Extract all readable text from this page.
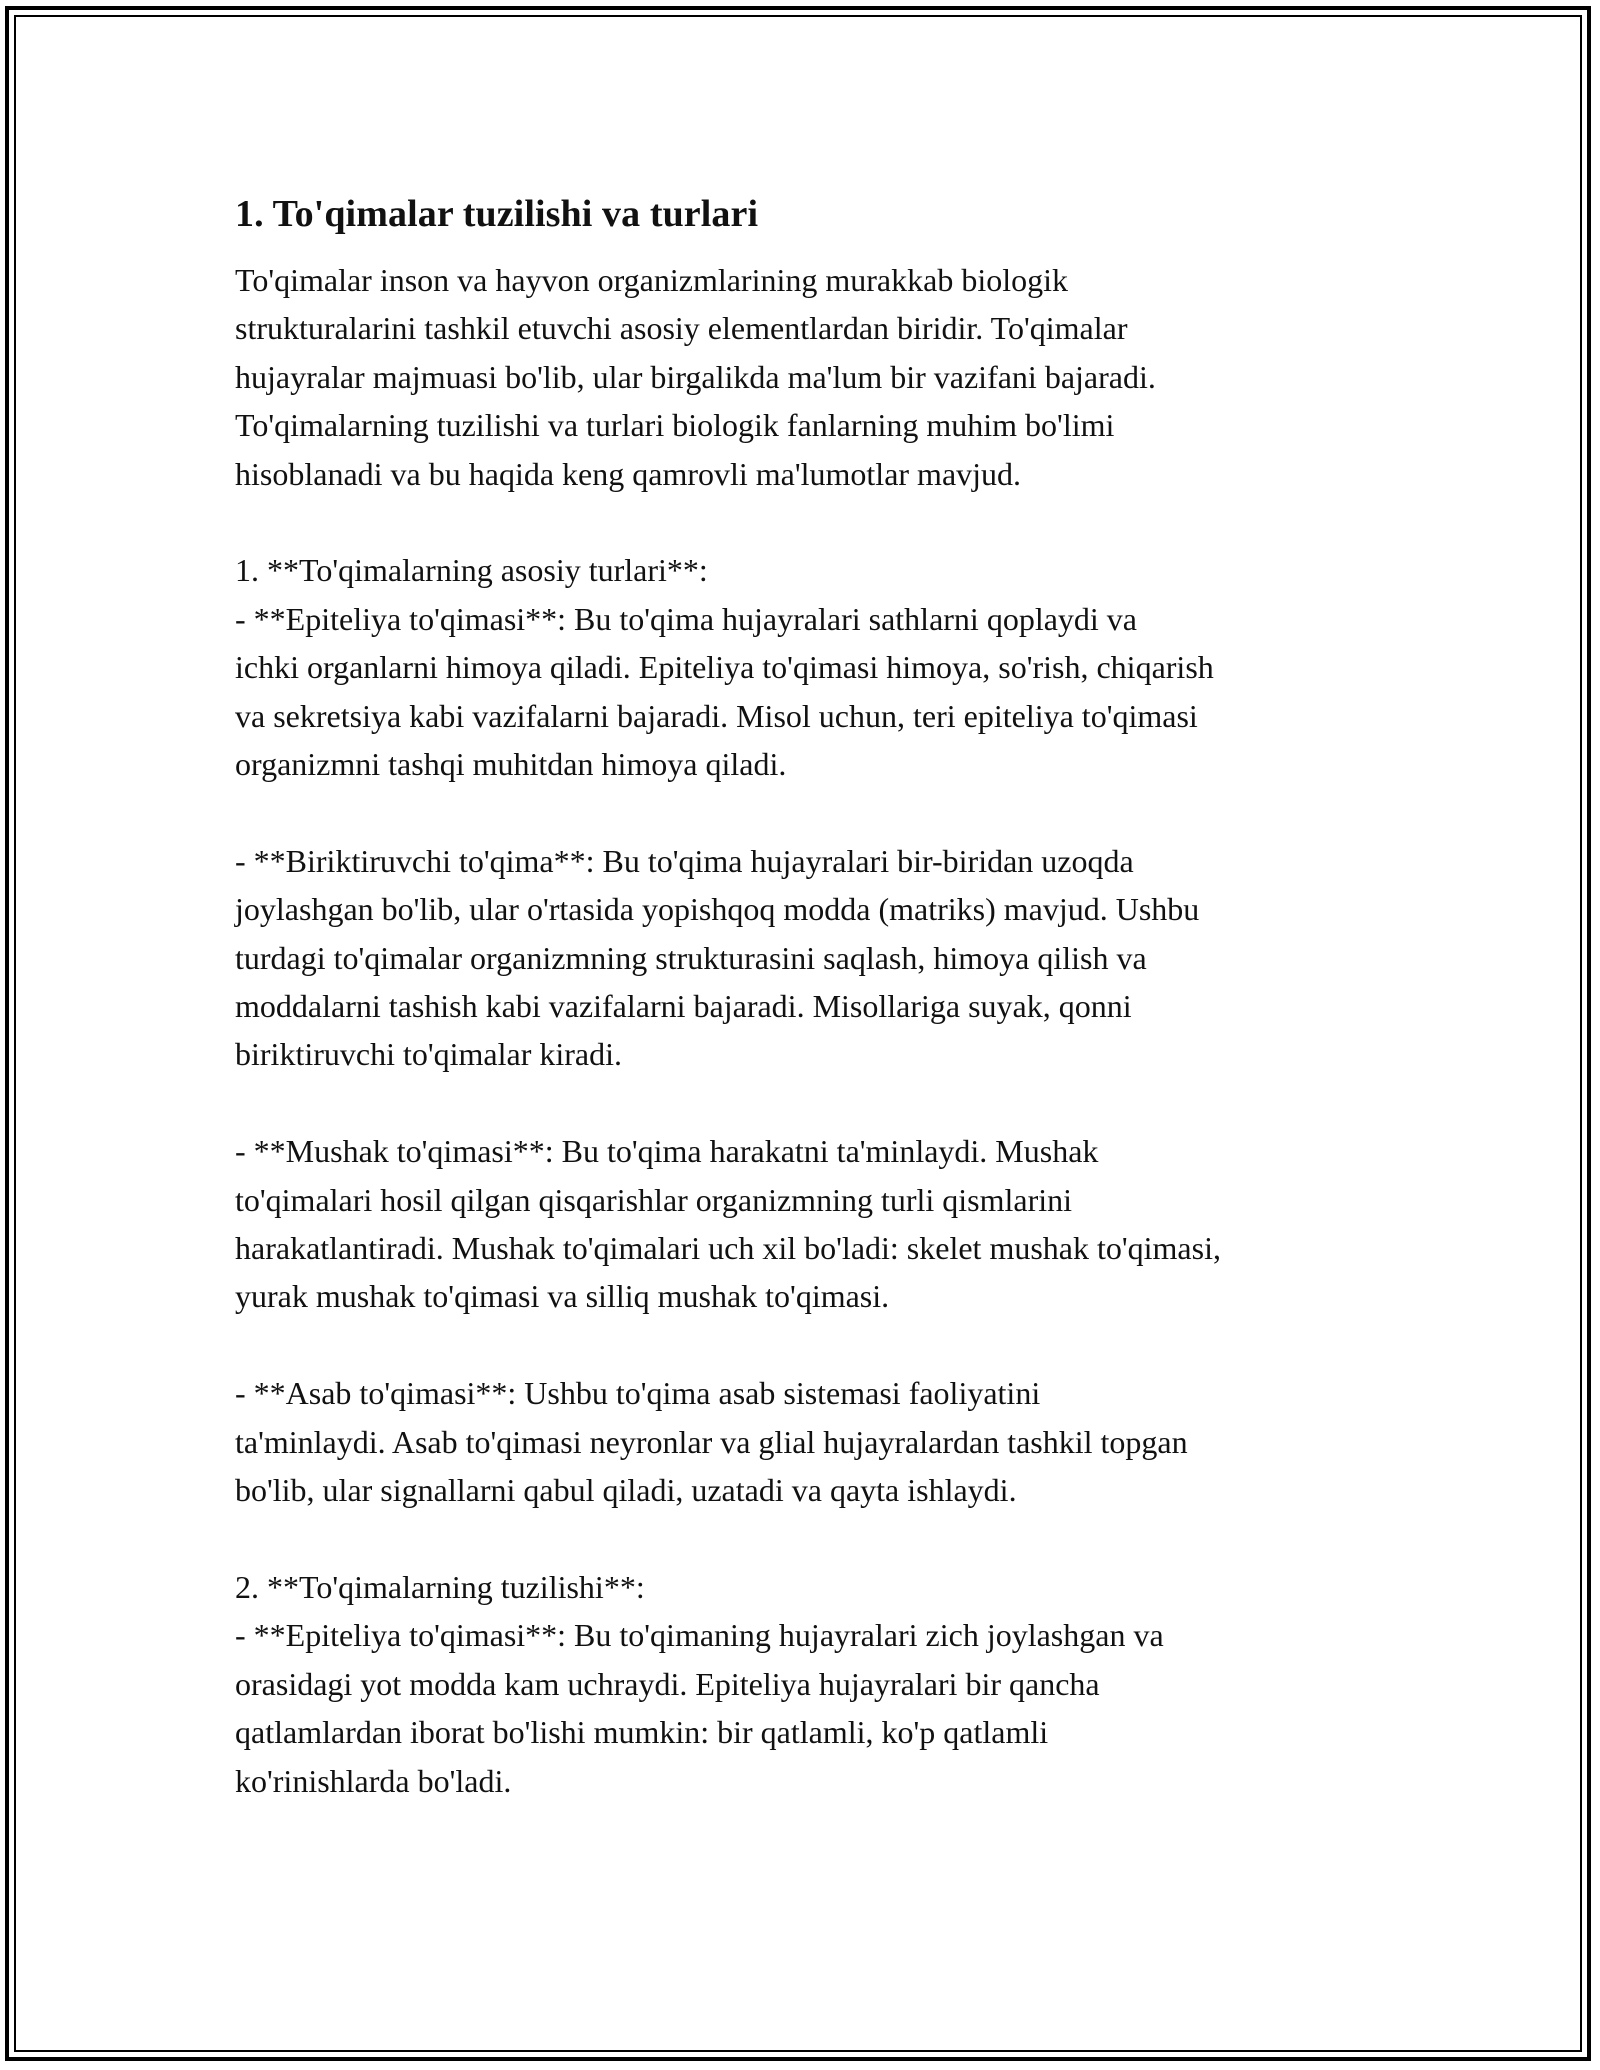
1. To'qimalar tuzilishi va turlari

To'qimalar inson va hayvon organizmlarining murakkab biologik
strukturalarini tashkil etuvchi asosiy elementlardan biridir. To'qimalar
hujayralar majmuasi bo'lib, ular birgalikda ma'lum bir vazifani bajaradi.
To'qimalarning tuzilishi va turlari biologik fanlarning muhim bo'limi
hisoblanadi va bu haqida keng qamrovli ma'lumotlar mavjud.

1. **To'qimalarning asosiy turlari**:
- **Epiteliya to'qimasi**: Bu to'qima hujayralari sathlarni qoplaydi va
ichki organlarni himoya qiladi. Epiteliya to'qimasi himoya, so'rish, chiqarish
va sekretsiya kabi vazifalarni bajaradi. Misol uchun, teri epiteliya to'qimasi
organizmni tashqi muhitdan himoya qiladi.

- **Biriktiruvchi to'qima**: Bu to'qima hujayralari bir-biridan uzoqda
joylashgan bo'lib, ular o'rtasida yopishqoq modda (matriks) mavjud. Ushbu
turdagi to'qimalar organizmning strukturasini saqlash, himoya qilish va
moddalarni tashish kabi vazifalarni bajaradi. Misollariga suyak, qonni
biriktiruvchi to'qimalar kiradi.

- **Mushak to'qimasi**: Bu to'qima harakatni ta'minlaydi. Mushak
to'qimalari hosil qilgan qisqarishlar organizmning turli qismlarini
harakatlantiradi. Mushak to'qimalari uch xil bo'ladi: skelet mushak to'qimasi,
yurak mushak to'qimasi va silliq mushak to'qimasi.

- **Asab to'qimasi**: Ushbu to'qima asab sistemasi faoliyatini
ta'minlaydi. Asab to'qimasi neyronlar va glial hujayralardan tashkil topgan
bo'lib, ular signallarni qabul qiladi, uzatadi va qayta ishlaydi.

2. **To'qimalarning tuzilishi**:
- **Epiteliya to'qimasi**: Bu to'qimaning hujayralari zich joylashgan va
orasidagi yot modda kam uchraydi. Epiteliya hujayralari bir qancha
qatlamlardan iborat bo'lishi mumkin: bir qatlamli, ko'p qatlamli
ko'rinishlarda bo'ladi.
